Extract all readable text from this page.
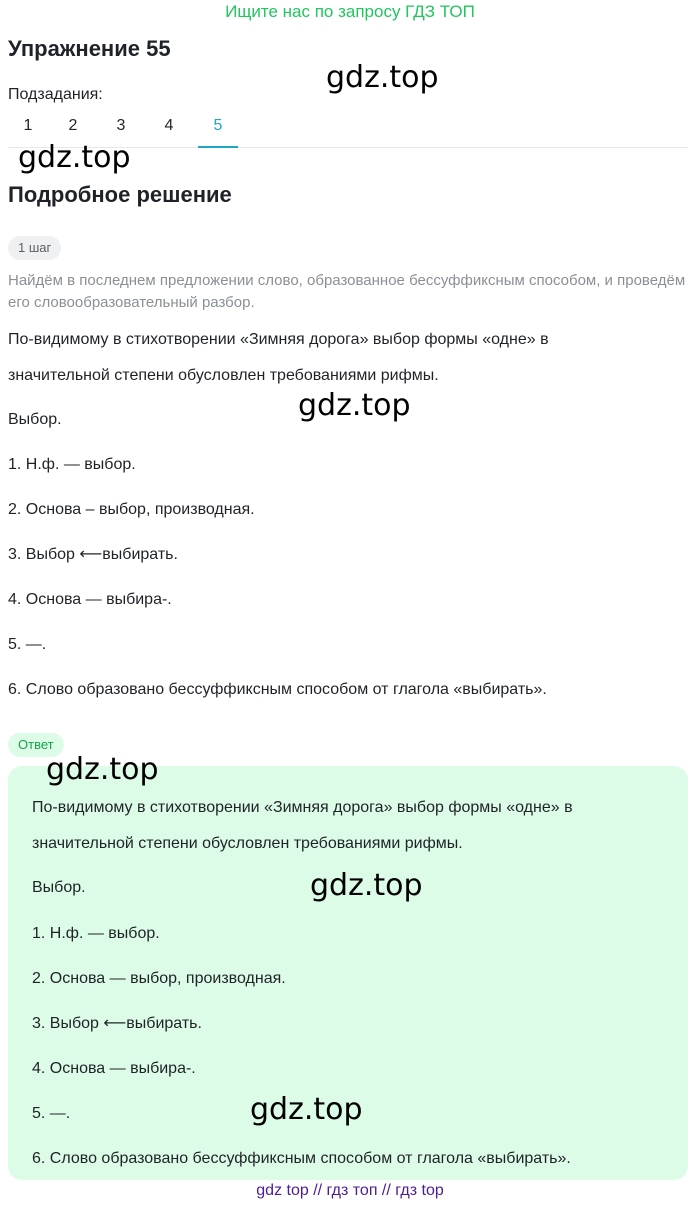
Ищите нас по запросу ГДЗ ТОП
Упражнение 55
Подзадания:
1	2	3	4	5
Подробное решение
1 шаг
Найдём в последнем предложении слово, образованное бессуффиксным способом, и проведём его словообразовательный разбор.
По-видимому в стихотворении «Зимняя дорога» выбор формы «одне» в
значительной степени обусловлен требованиями рифмы.
Выбор.
1. Н.ф. — выбор.
2. Основа – выбор, производная.
3. Выбор ⟵выбирать.
4. Основа — выбира-.
5. —.
6. Слово образовано бессуффиксным способом от глагола «выбирать».
Ответ
По-видимому в стихотворении «Зимняя дорога» выбор формы «одне» в
значительной степени обусловлен требованиями рифмы.
Выбор.
1. Н.ф. — выбор.
2. Основа — выбор, производная.
3. Выбор ⟵выбирать.
4. Основа — выбира-.
5. —.
6. Слово образовано бессуффиксным способом от глагола «выбирать».
gdz.top
gdz.top
gdz.top
gdz.top
gdz.top
gdz.top
gdz top // гдз топ // гдз top
